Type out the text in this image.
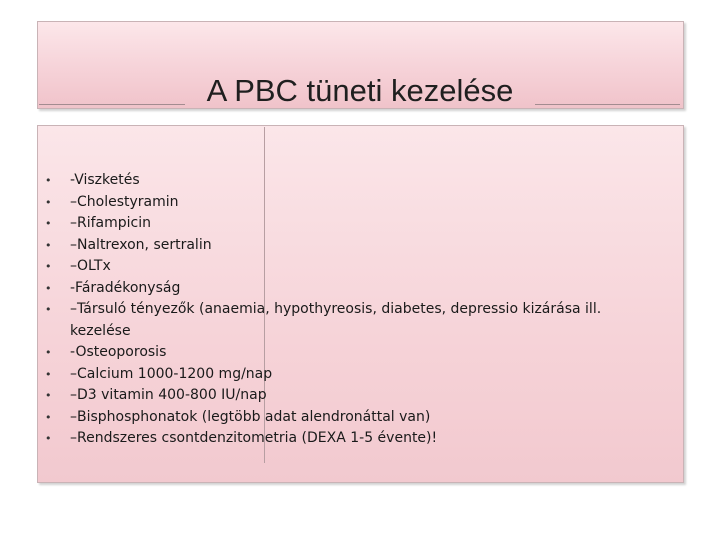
A PBC tüneti kezelése
• -Viszketés
• –Cholestyramin
• –Rifampicin
• –Naltrexon, sertralin
• –OLTx
• -Fáradékonyság
• –Társuló tényezők (anaemia, hypothyreosis, diabetes, depressio kizárása ill. kezelése
• -Osteoporosis
• –Calcium 1000-1200 mg/nap
• –D3 vitamin 400-800 IU/nap
• –Bisphosphonatok (legtöbb adat alendronáttal van)
• –Rendszeres csontdenzitometria (DEXA 1-5 évente)!
